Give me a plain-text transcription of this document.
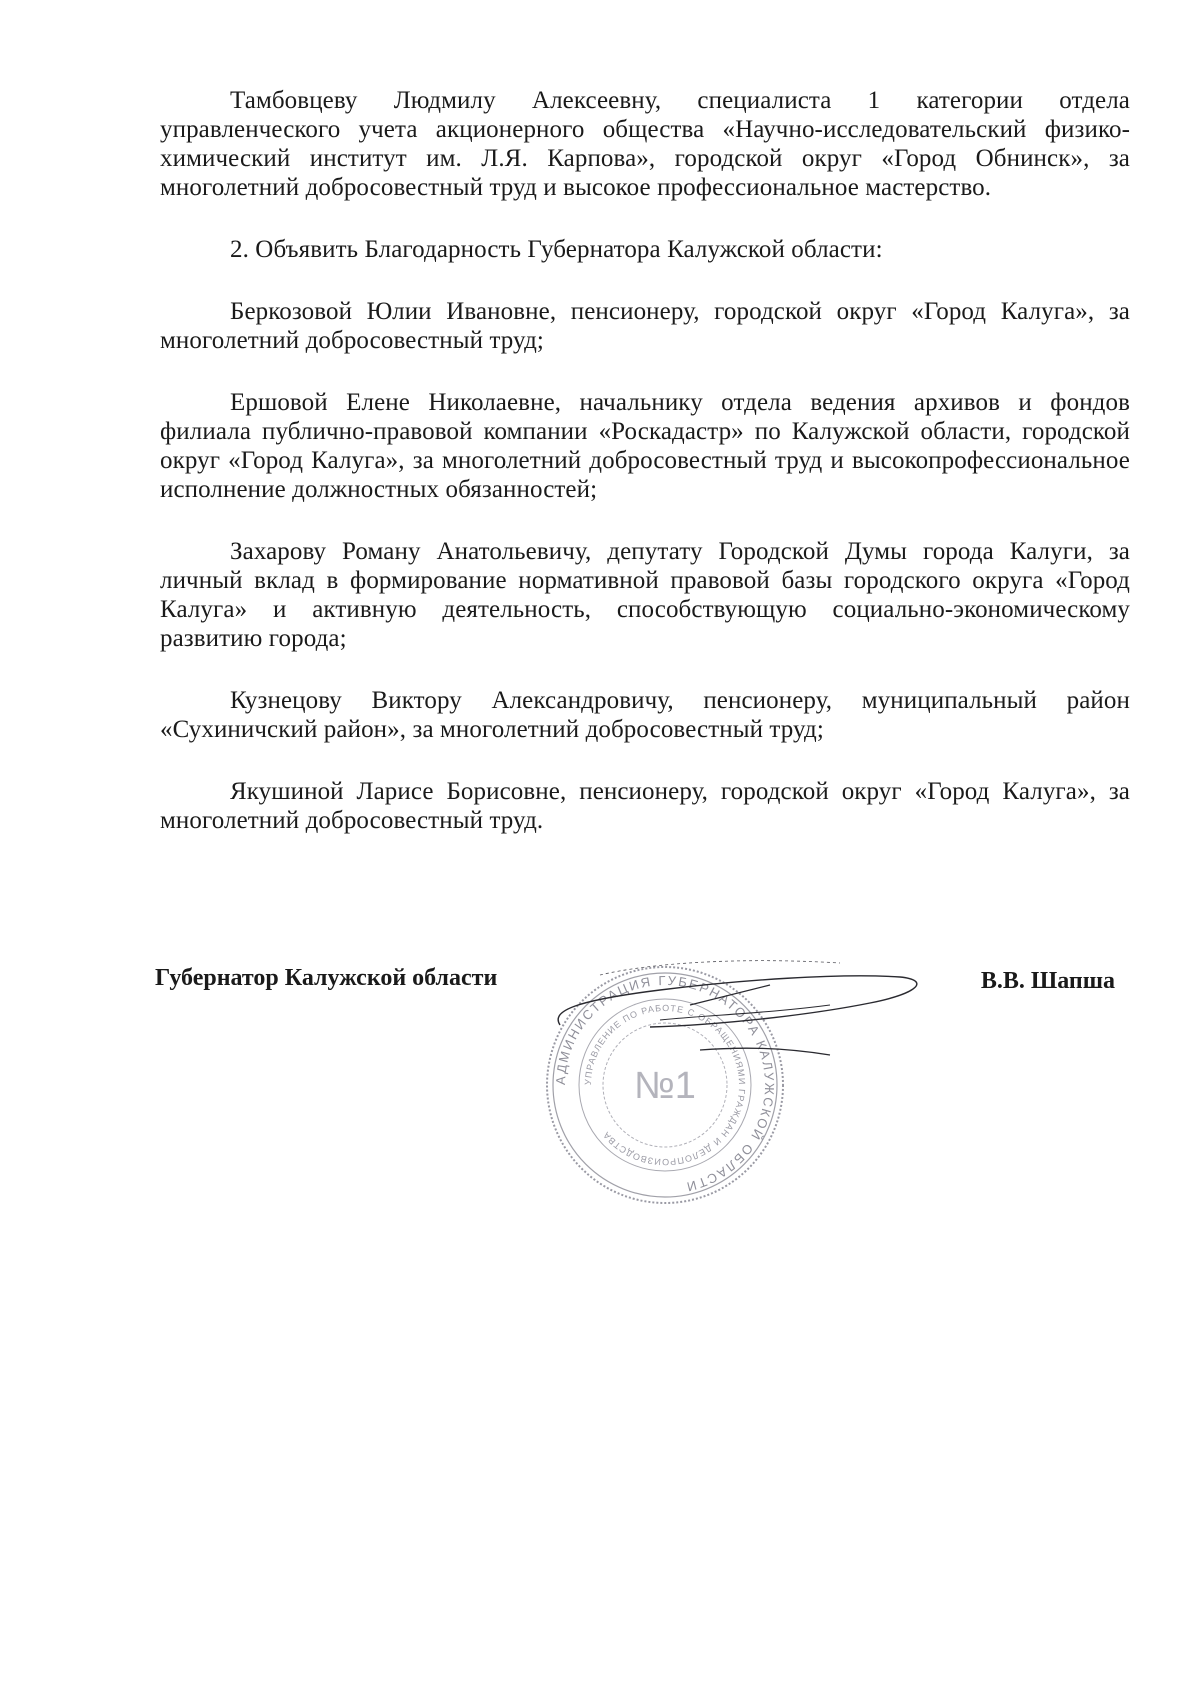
Тамбовцеву Людмилу Алексеевну, специалиста 1 категории отдела управленческого учета акционерного общества «Научно-исследовательский физико-химический институт им. Л.Я. Карпова», городской округ «Город Обнинск», за многолетний добросовестный труд и высокое профессиональное мастерство.

2. Объявить Благодарность Губернатора Калужской области:

Беркозовой Юлии Ивановне, пенсионеру, городской округ «Город Калуга», за многолетний добросовестный труд;

Ершовой Елене Николаевне, начальнику отдела ведения архивов и фондов филиала публично-правовой компании «Роскадастр» по Калужской области, городской округ «Город Калуга», за многолетний добросовестный труд и высокопрофессиональное исполнение должностных обязанностей;

Захарову Роману Анатольевичу, депутату Городской Думы города Калуги, за личный вклад в формирование нормативной правовой базы городского округа «Город Калуга» и активную деятельность, способствующую социально-экономическому развитию города;

Кузнецову Виктору Александровичу, пенсионеру, муниципальный район «Сухиничский район», за многолетний добросовестный труд;

Якушиной Ларисе Борисовне, пенсионеру, городской округ «Город Калуга», за многолетний добросовестный труд.

АДМИНИСТРАЦИЯ ГУБЕРНАТОРА КАЛУЖСКОЙ ОБЛАСТИ
УПРАВЛЕНИЕ ПО РАБОТЕ С ОБРАЩЕНИЯМИ ГРАЖДАН И ДЕЛОПРОИЗВОДСТВА
№1
Губернатор Калужской области	В.В. Шапша
